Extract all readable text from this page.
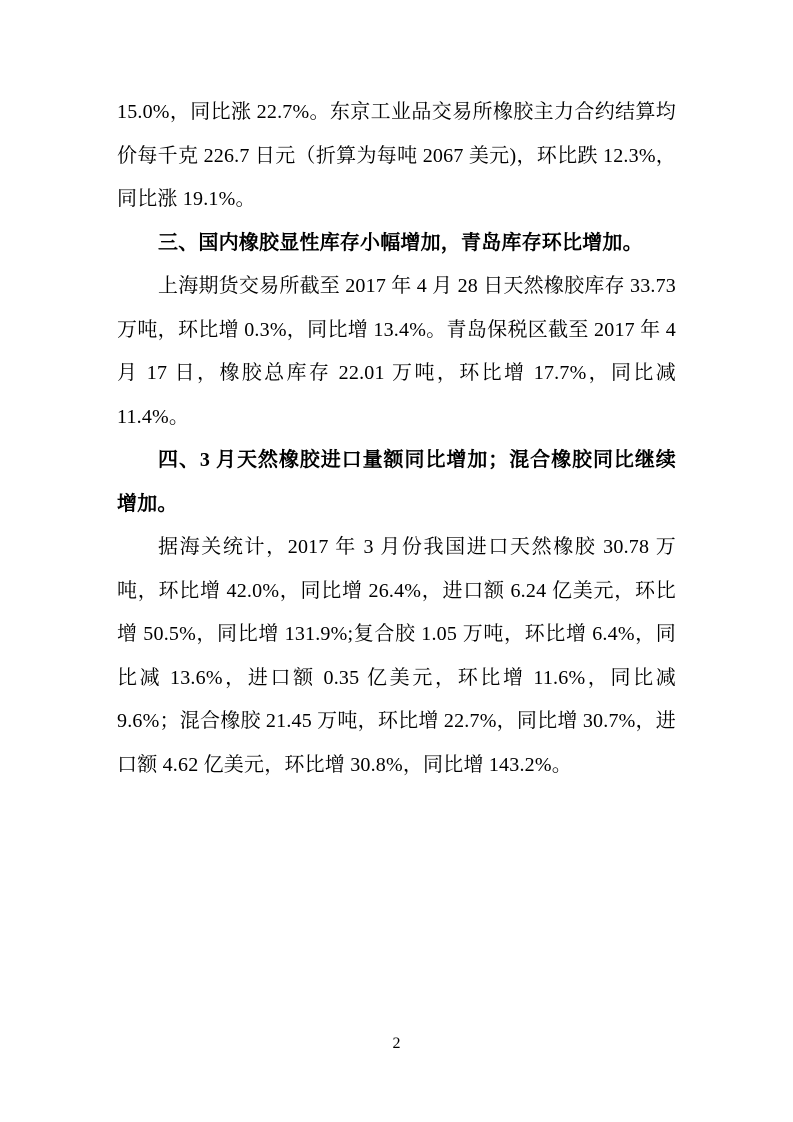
15.0%，同比涨 22.7%。东京工业品交易所橡胶主力合约结算均价每千克 226.7 日元（折算为每吨 2067 美元)，环比跌 12.3%，同比涨 19.1%。
三、国内橡胶显性库存小幅增加，青岛库存环比增加。
上海期货交易所截至 2017 年 4 月 28 日天然橡胶库存 33.73 万吨，环比增 0.3%，同比增 13.4%。青岛保税区截至 2017 年 4 月 17 日，橡胶总库存 22.01 万吨，环比增 17.7%，同比减 11.4%。
四、3 月天然橡胶进口量额同比增加；混合橡胶同比继续增加。
据海关统计，2017 年 3 月份我国进口天然橡胶 30.78 万吨，环比增 42.0%，同比增 26.4%，进口额 6.24 亿美元，环比增 50.5%，同比增 131.9%;复合胶 1.05 万吨，环比增 6.4%，同比减 13.6%，进口额 0.35 亿美元，环比增 11.6%，同比减 9.6%；混合橡胶 21.45 万吨，环比增 22.7%，同比增 30.7%，进口额 4.62 亿美元，环比增 30.8%，同比增 143.2%。
2
